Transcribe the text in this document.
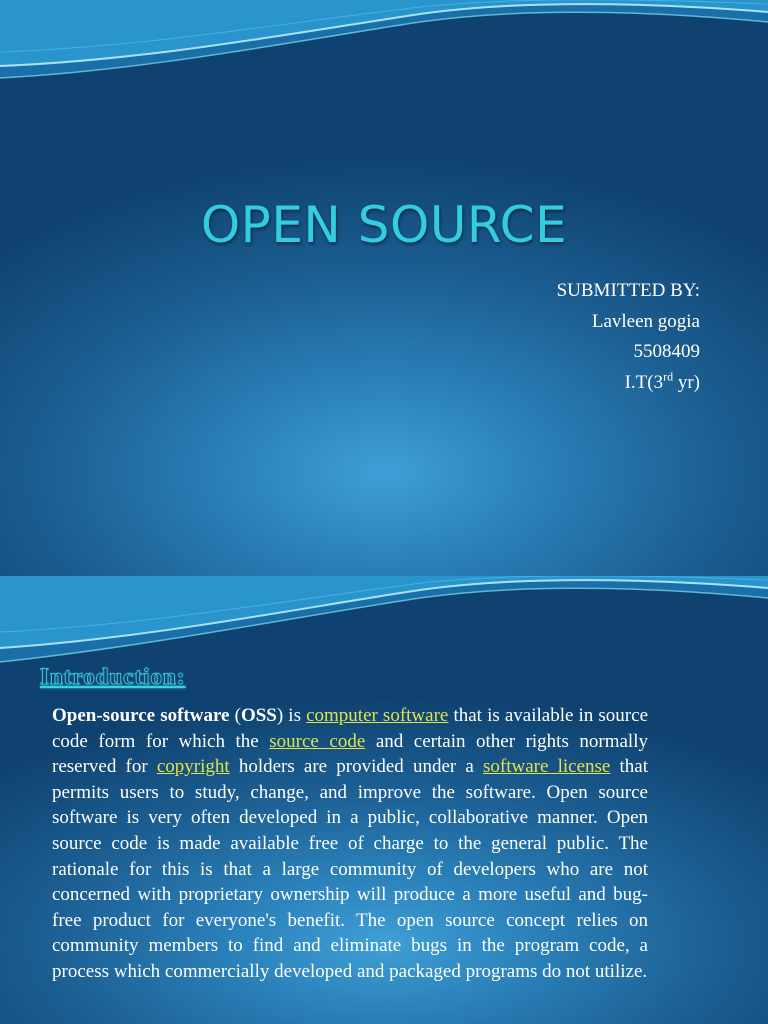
OPEN SOURCE
SUBMITTED BY:
Lavleen gogia
5508409
I.T(3rd yr)
Introduction:
Open-source software (OSS) is computer software that is available in source code form for which the source code and certain other rights normally reserved for copyright holders are provided under a software license that permits users to study, change, and improve the software. Open source software is very often developed in a public, collaborative manner. Open source code is made available free of charge to the general public. The rationale for this is that a large community of developers who are not concerned with proprietary ownership will produce a more useful and bug-free product for everyone's benefit. The open source concept relies on community members to find and eliminate bugs in the program code, a process which commercially developed and packaged programs do not utilize.
